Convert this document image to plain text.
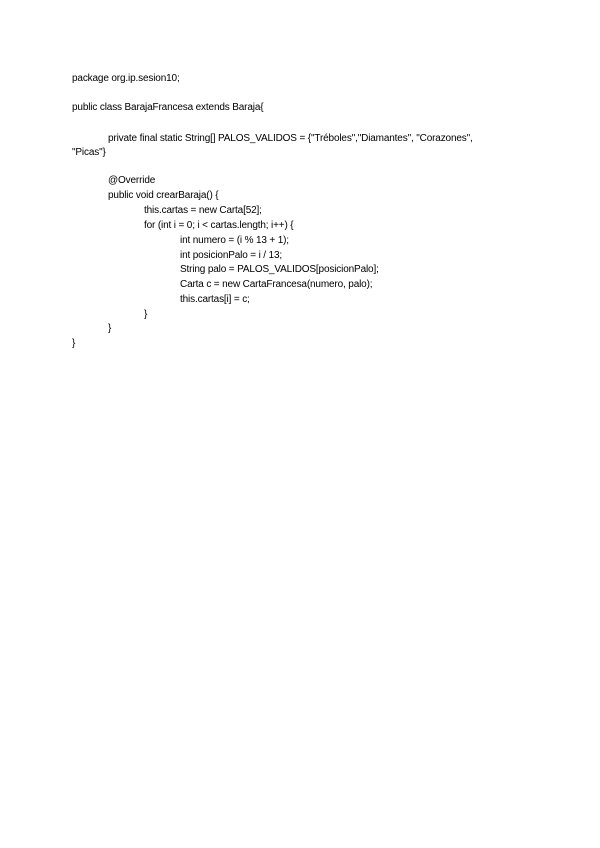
package org.ip.sesion10;
public class BarajaFrancesa extends Baraja{
private final static String[] PALOS_VALIDOS = {"Tréboles","Diamantes", "Corazones",
"Picas"}
@Override
public void crearBaraja() {
this.cartas = new Carta[52];
for (int i = 0; i < cartas.length; i++) {
int numero = (i % 13 + 1);
int posicionPalo = i / 13;
String palo = PALOS_VALIDOS[posicionPalo];
Carta c = new CartaFrancesa(numero, palo);
this.cartas[i] = c;
}
}
}
